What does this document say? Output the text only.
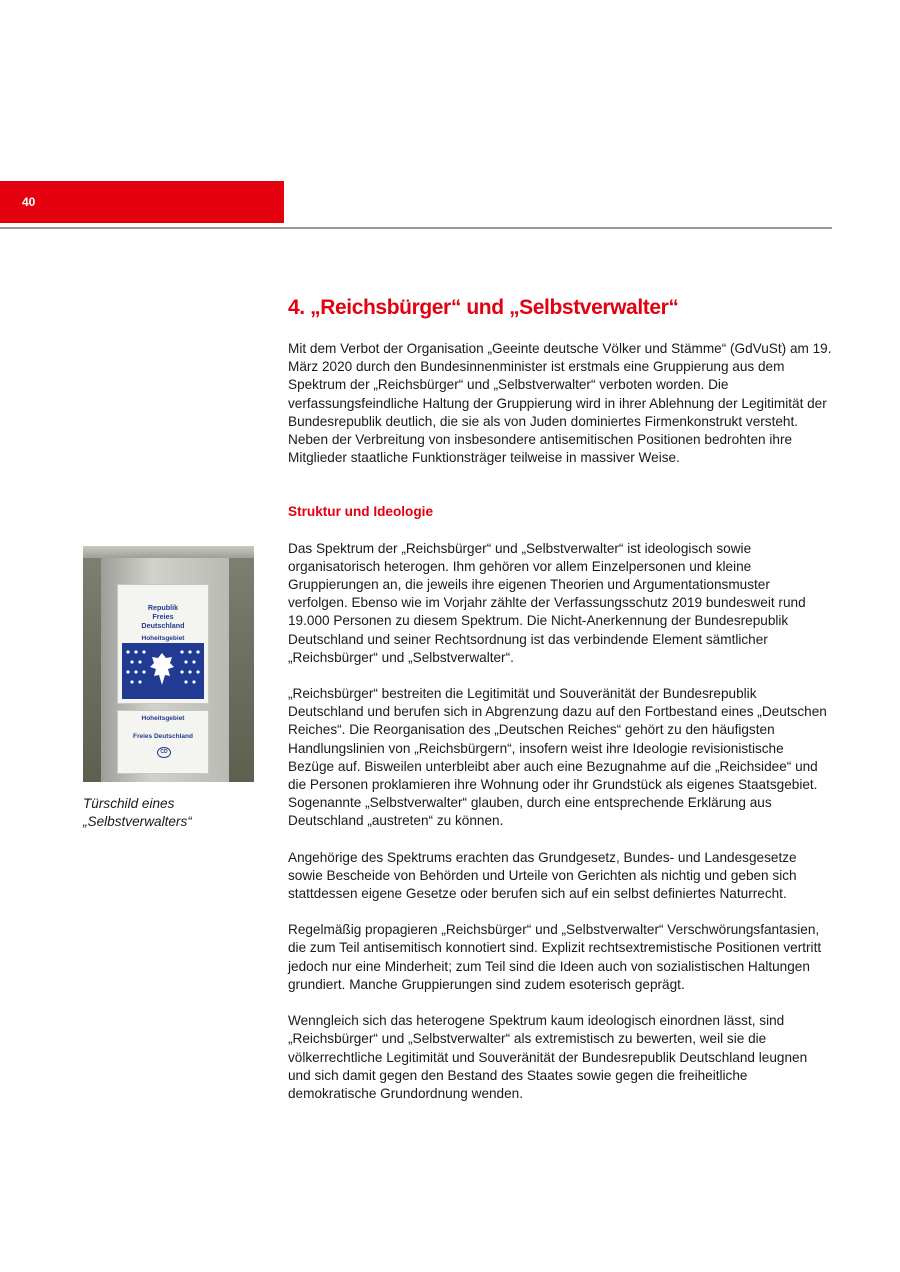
40
4. „Reichsbürger“ und „Selbstverwalter“

Mit dem Verbot der Organisation „Geeinte deutsche Völker und Stämme“ (GdVuSt) am 19. März 2020 durch den Bundesinnenminister ist erstmals eine Gruppierung aus dem Spektrum der „Reichsbürger“ und „Selbstverwalter“ verboten worden. Die verfassungsfeindliche Haltung der Gruppierung wird in ihrer Ablehnung der Legitimität der Bundesrepublik deutlich, die sie als von Juden dominiertes Firmenkonstrukt versteht. Neben der Verbreitung von insbesondere antisemitischen Positionen bedrohten ihre Mitglieder staatliche Funktionsträger teilweise in massiver Weise.

Struktur und Ideologie

Das Spektrum der „Reichsbürger“ und „Selbstverwalter“ ist ideologisch sowie organisatorisch heterogen. Ihm gehören vor allem Einzelpersonen und kleine Gruppierungen an, die jeweils ihre eigenen Theorien und Argumentationsmuster verfolgen. Ebenso wie im Vorjahr zählte der Verfassungsschutz 2019 bundesweit rund 19.000 Personen zu diesem Spektrum. Die Nicht-Anerkennung der Bundesrepublik Deutschland und seiner Rechtsordnung ist das verbindende Element sämtlicher „Reichsbürger“ und „Selbstverwalter“.

„Reichsbürger“ bestreiten die Legitimität und Souveränität der Bundesrepublik Deutschland und berufen sich in Abgrenzung dazu auf den Fortbestand eines „Deutschen Reiches“. Die Reorganisation des „Deutschen Reiches“ gehört zu den häufigsten Handlungslinien von „Reichsbürgern“, insofern weist ihre Ideologie revisionistische Bezüge auf. Bisweilen unterbleibt aber auch eine Bezugnahme auf die „Reichsidee“ und die Personen proklamieren ihre Wohnung oder ihr Grundstück als eigenes Staatsgebiet. Sogenannte „Selbstverwalter“ glauben, durch eine entsprechende Erklärung aus Deutschland „austreten“ zu können.

Angehörige des Spektrums erachten das Grundgesetz, Bundes- und Landesgesetze sowie Bescheide von Behörden und Urteile von Gerichten als nichtig und geben sich stattdessen eigene Gesetze oder berufen sich auf ein selbst definiertes Naturrecht.

Regelmäßig propagieren „Reichsbürger“ und „Selbstverwalter“ Verschwörungsfantasien, die zum Teil antisemitisch konnotiert sind. Explizit rechtsextremistische Positionen vertritt jedoch nur eine Minderheit; zum Teil sind die Ideen auch von sozialistischen Haltungen grundiert. Manche Gruppierungen sind zudem esoterisch geprägt.

Wenngleich sich das heterogene Spektrum kaum ideologisch einordnen lässt, sind „Reichsbürger“ und „Selbstverwalter“ als extremistisch zu bewerten, weil sie die völkerrechtliche Legitimität und Souveränität der Bundesrepublik Deutschland leugnen und sich damit gegen den Bestand des Staates sowie gegen die freiheitliche demokratische Grundordnung wenden.

Republik
Freies
Deutschland
Hoheitsgebiet
Hoheitsgebiet
Freies Deutschland
CD
Türschild eines „Selbstverwalters“
